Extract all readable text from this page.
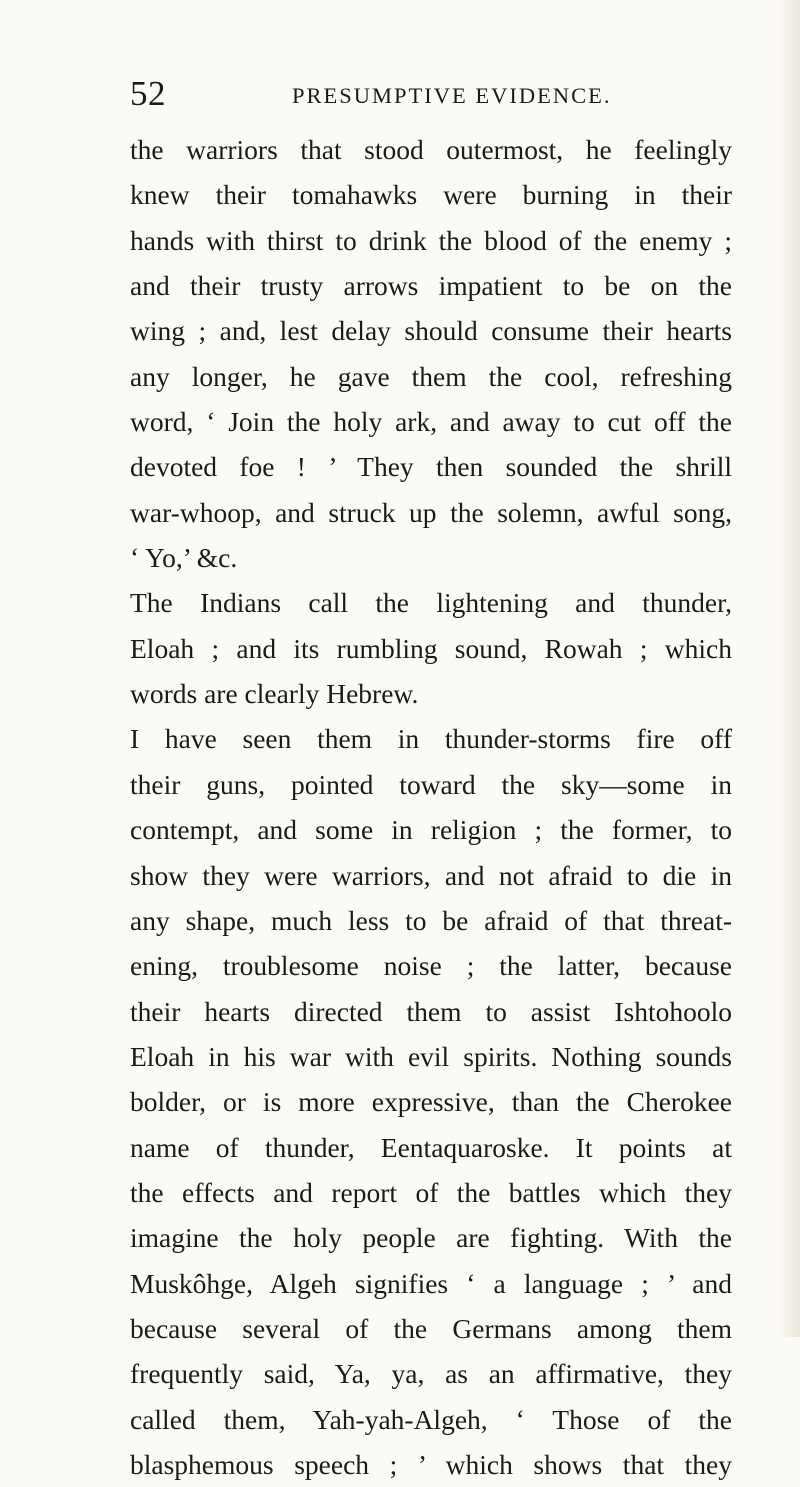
52	PRESUMPTIVE EVIDENCE.
the warriors that stood outermost, he feelingly
knew their tomahawks were burning in their
hands with thirst to drink the blood of the enemy ;
and their trusty arrows impatient to be on the
wing ; and, lest delay should consume their hearts
any longer, he gave them the cool, refreshing
word, ‘ Join the holy ark, and away to cut off the
devoted foe ! ’ They then sounded the shrill
war-whoop, and struck up the solemn, awful song,
‘ Yo,’ &c.
The Indians call the lightening and thunder,
Eloah ; and its rumbling sound, Rowah ; which
words are clearly Hebrew.
I have seen them in thunder-storms fire off
their guns, pointed toward the sky—some in
contempt, and some in religion ; the former, to
show they were warriors, and not afraid to die in
any shape, much less to be afraid of that threat-
ening, troublesome noise ; the latter, because
their hearts directed them to assist Ishtohoolo
Eloah in his war with evil spirits. Nothing sounds
bolder, or is more expressive, than the Cherokee
name of thunder, Eentaquaroske. It points at
the effects and report of the battles which they
imagine the holy people are fighting. With the
Muskôhge, Algeh signifies ‘ a language ; ’ and
because several of the Germans among them
frequently said, Ya, ya, as an affirmative, they
called them, Yah-yah-Algeh, ‘ Those of the
blasphemous speech ; ’ which shows that they
